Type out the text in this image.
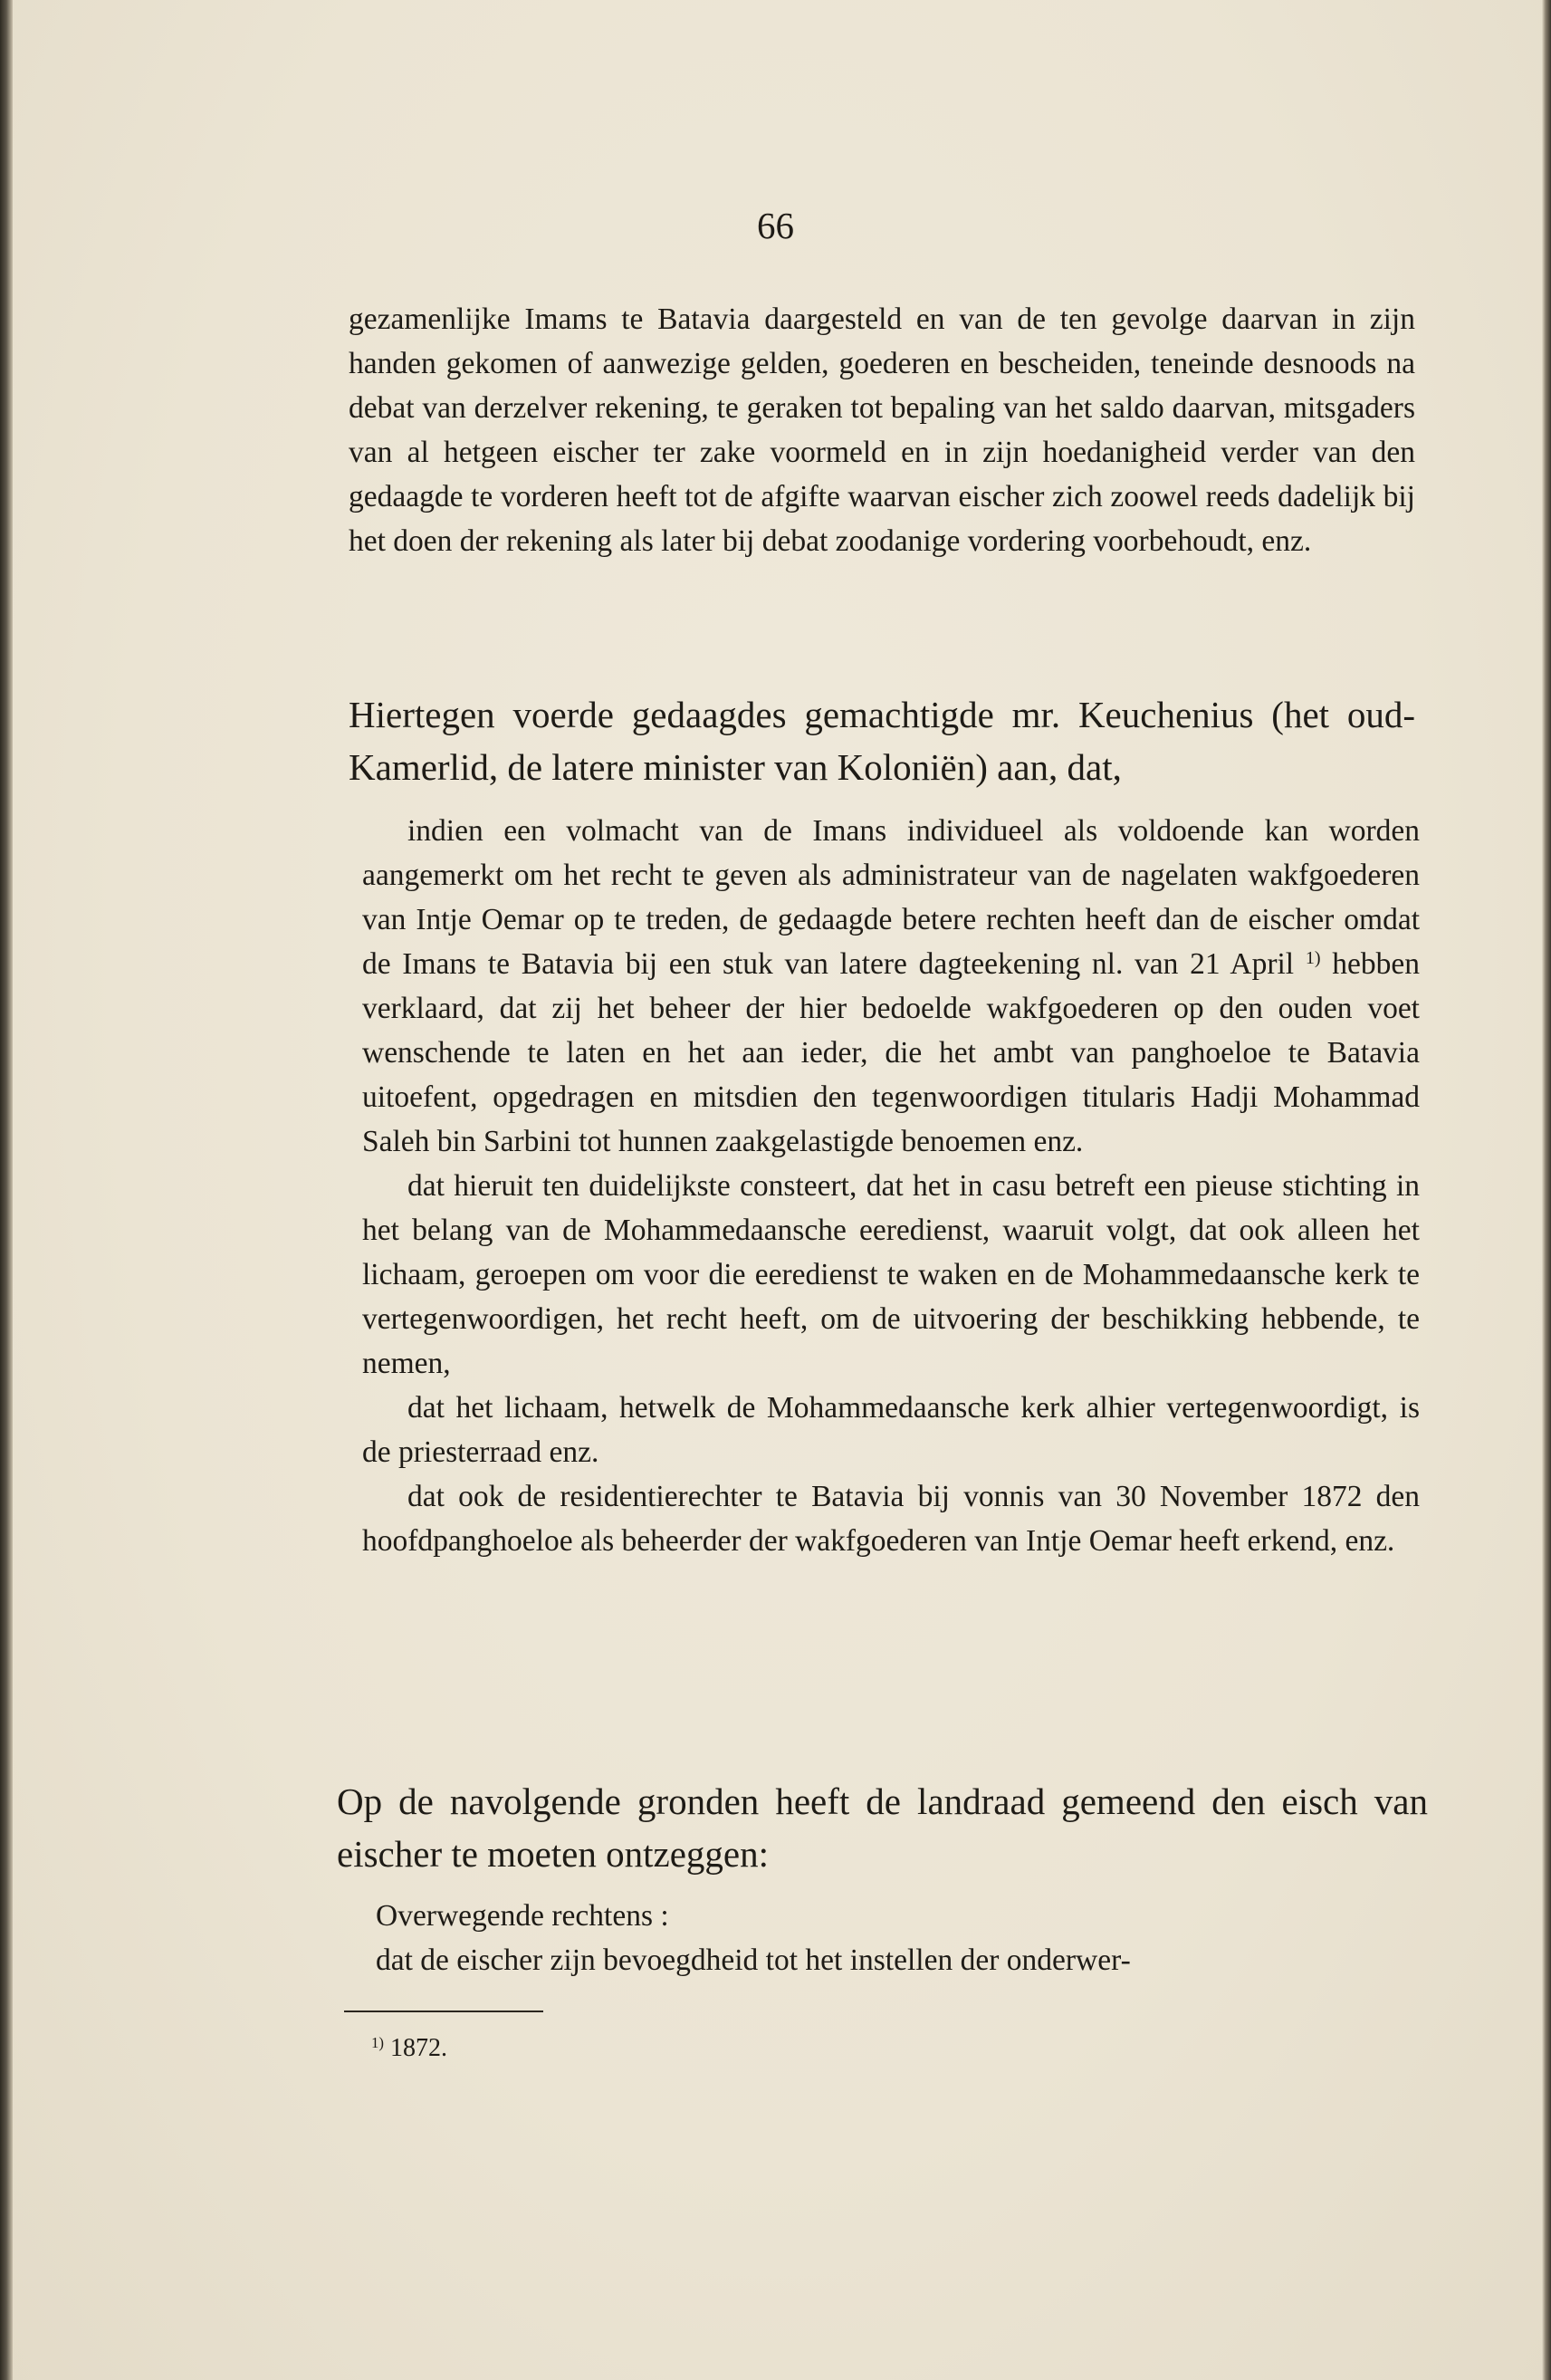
66

gezamenlijke Imams te Batavia daargesteld en van de ten gevolge daarvan in zijn handen gekomen of aanwezige gelden, goederen en bescheiden, teneinde desnoods na debat van derzelver rekening, te geraken tot bepaling van het saldo daarvan, mitsgaders van al hetgeen eischer ter zake voormeld en in zijn hoedanigheid verder van den gedaagde te vorderen heeft tot de afgifte waarvan eischer zich zoowel reeds dadelijk bij het doen der rekening als later bij debat zoodanige vordering voorbehoudt, enz.

Hiertegen voerde gedaagdes gemachtigde mr. Keuchenius (het oud-Kamerlid, de latere minister van Koloniën) aan, dat,

indien een volmacht van de Imans individueel als voldoende kan worden aangemerkt om het recht te geven als administrateur van de nagelaten wakfgoederen van Intje Oemar op te treden, de gedaagde betere rechten heeft dan de eischer omdat de Imans te Batavia bij een stuk van latere dagteekening nl. van 21 April $^{1)}$ hebben verklaard, dat zij het beheer der hier bedoelde wakfgoederen op den ouden voet wenschende te laten en het aan ieder, die het ambt van panghoeloe te Batavia uitoefent, opgedragen en mitsdien den tegenwoordigen titularis Hadji Mohammad Saleh bin Sarbini tot hunnen zaakgelastigde benoemen enz.

dat hieruit ten duidelijkste consteert, dat het in casu betreft een pieuse stichting in het belang van de Mohammedaansche eeredienst, waaruit volgt, dat ook alleen het lichaam, geroepen om voor die eeredienst te waken en de Mohammedaansche kerk te vertegenwoordigen, het recht heeft, om de uitvoering der beschikking hebbende, te nemen,

dat het lichaam, hetwelk de Mohammedaansche kerk alhier vertegenwoordigt, is de priesterraad enz.

dat ook de residentierechter te Batavia bij vonnis van 30 November 1872 den hoofdpanghoeloe als beheerder der wakfgoederen van Intje Oemar heeft erkend, enz.

Op de navolgende gronden heeft de landraad gemeend den eisch van eischer te moeten ontzeggen:

Overwegende rechtens :

dat de eischer zijn bevoegdheid tot het instellen der onderwer-

$^{1)}$ 1872.
